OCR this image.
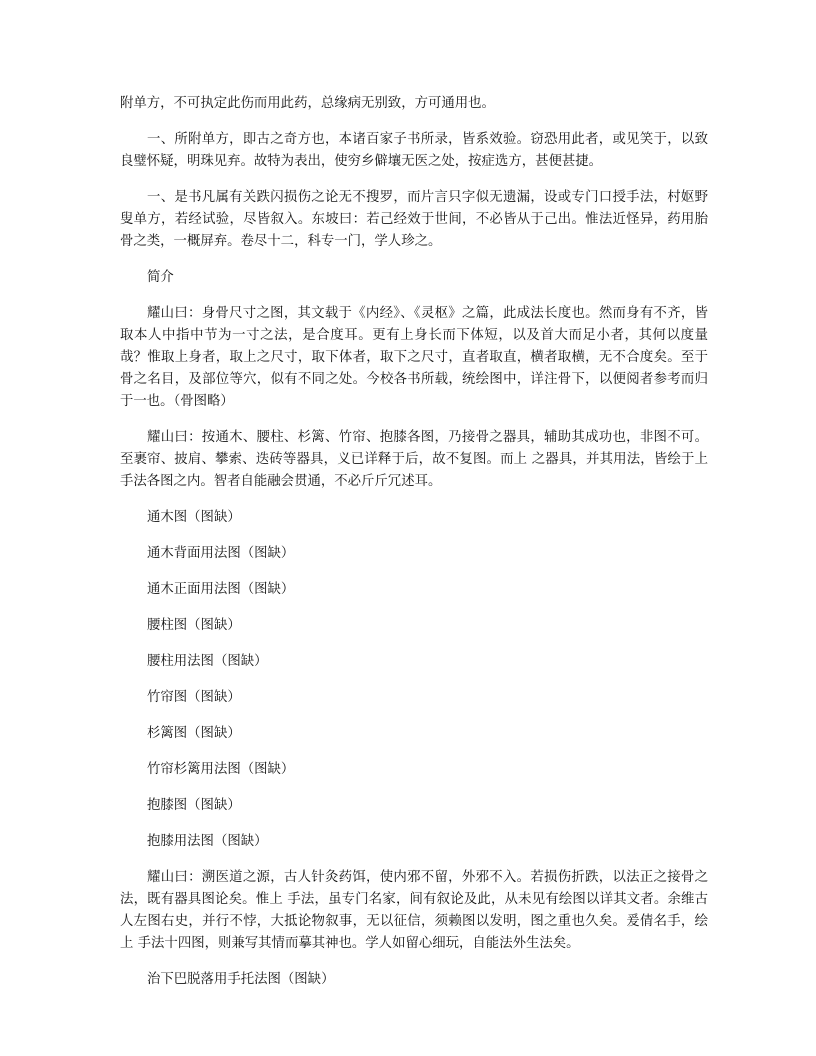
附单方，不可执定此伤而用此药，总缘病无别致，方可通用也。

一、所附单方，即古之奇方也，本诸百家子书所录，皆系效验。窃恐用此者，或见笑于，以致良璧怀疑，明珠见弃。故特为表出，使穷乡僻壤无医之处，按症选方，甚便甚捷。

一、是书凡属有关跌闪损伤之论无不搜罗，而片言只字似无遗漏，设或专门口授手法，村妪野叟单方，若经试验，尽皆叙入。东坡曰：若己经效于世间，不必皆从于己出。惟法近怪异，药用胎骨之类，一概屏弃。卷尽十二，科专一门，学人珍之。

简介

耀山曰：身骨尺寸之图，其文载于《内经》、《灵枢》之篇，此成法长度也。然而身有不齐，皆取本人中指中节为一寸之法，是合度耳。更有上身长而下体短，以及首大而足小者，其何以度量哉？惟取上身者，取上之尺寸，取下体者，取下之尺寸，直者取直，横者取横，无不合度矣。至于骨之名目，及部位等穴，似有不同之处。今校各书所载，统绘图中，详注骨下，以便阅者参考而归于一也。（骨图略）

耀山曰：按通木、腰柱、杉篱、竹帘、抱膝各图，乃接骨之器具，辅助其成功也，非图不可。至裹帘、披肩、攀索、迭砖等器具，义已详释于后，故不复图。而上 之器具，并其用法，皆绘于上 手法各图之内。智者自能融会贯通，不必斤斤冗述耳。

通木图（图缺）

通木背面用法图（图缺）

通木正面用法图（图缺）

腰柱图（图缺）

腰柱用法图（图缺）

竹帘图（图缺）

杉篱图（图缺）

竹帘杉篱用法图（图缺）

抱膝图（图缺）

抱膝用法图（图缺）

耀山曰：溯医道之源，古人针灸药饵，使内邪不留，外邪不入。若损伤折跌，以法正之接骨之法，既有器具图论矣。惟上 手法，虽专门名家，间有叙论及此，从未见有绘图以详其文者。余维古人左图右史，并行不悖，大抵论物叙事，无以征信，须赖图以发明，图之重也久矣。爰倩名手，绘上 手法十四图，则兼写其情而摹其神也。学人如留心细玩，自能法外生法矣。

治下巴脱落用手托法图（图缺）
